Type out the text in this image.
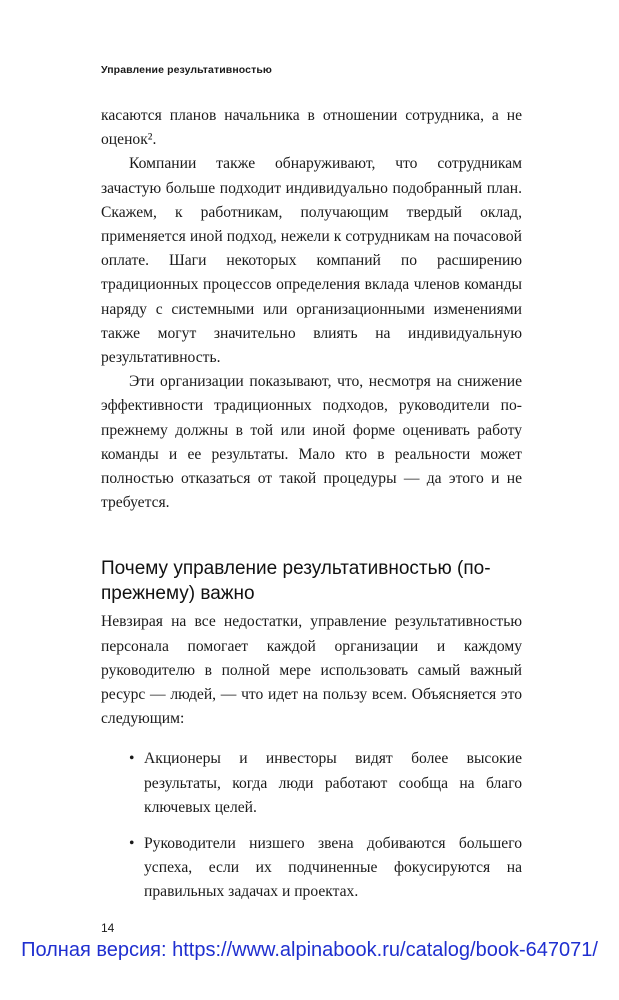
Управление результативностью

касаются планов начальника в отношении сотрудника, а не оценок².

Компании также обнаруживают, что сотрудникам зачастую больше подходит индивидуально подобранный план. Скажем, к работникам, получающим твердый оклад, применяется иной подход, нежели к сотрудникам на почасовой оплате. Шаги некоторых компаний по расширению традиционных процессов определения вклада членов команды наряду с системными или организационными изменениями также могут значительно влиять на индивидуальную результативность.

Эти организации показывают, что, несмотря на снижение эффективности традиционных подходов, руководители по-прежнему должны в той или иной форме оценивать работу команды и ее результаты. Мало кто в реальности может полностью отказаться от такой процедуры — да этого и не требуется.

Почему управление результативностью (по-прежнему) важно

Невзирая на все недостатки, управление результативностью персонала помогает каждой организации и каждому руководителю в полной мере использовать самый важный ресурс — людей, — что идет на пользу всем. Объясняется это следующим:

• Акционеры и инвесторы видят более высокие результаты, когда люди работают сообща на благо ключевых целей.
• Руководители низшего звена добиваются большего успеха, если их подчиненные фокусируются на правильных задачах и проектах.
14
Полная версия: https://www.alpinabook.ru/catalog/book-647071/
